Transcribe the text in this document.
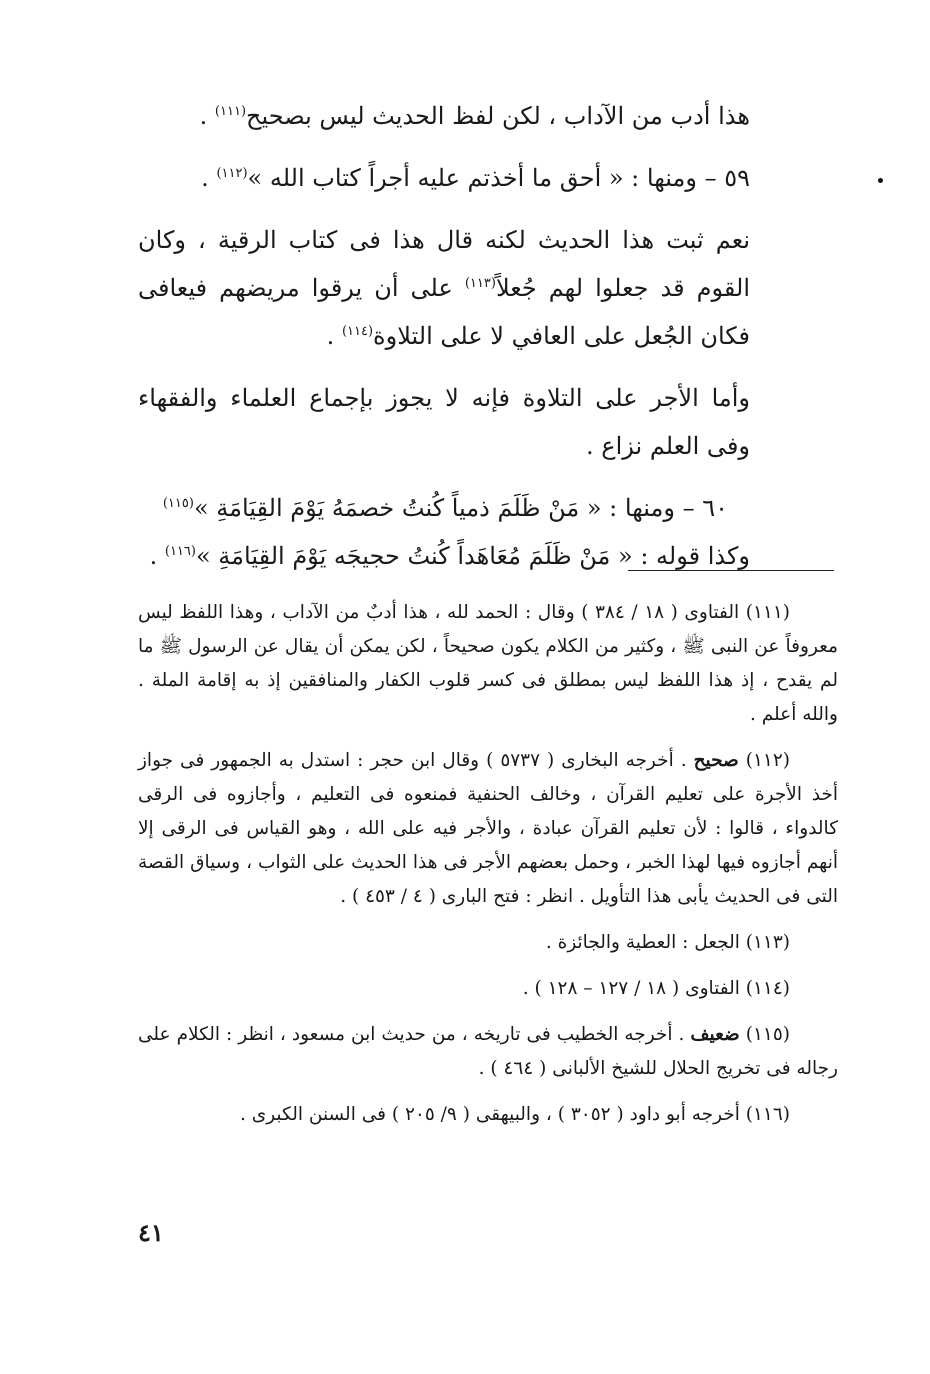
هذا أدب من الآداب ، لكن لفظ الحديث ليس بصحيح$^{(١١١)}$ .

٥٩ – ومنها : « أحق ما أخذتم عليه أجراً كتاب الله »$^{(١١٢)}$ .

نعم ثبت هذا الحديث لكنه قال هذا فى كتاب الرقية ، وكان القوم قد جعلوا لهم جُعلاً$^{(١١٣)}$ على أن يرقوا مريضهم فيعافى فكان الجُعل على العافي لا على التلاوة$^{(١١٤)}$ .

وأما الأجر على التلاوة فإنه لا يجوز بإجماع العلماء والفقهاء وفى العلم نزاع .

٦٠ – ومنها : « مَنْ ظَلَمَ ذمياً كُنتُ خصمَهُ يَوْمَ القِيَامَةِ »$^{(١١٥)}$

وكذا قوله : « مَنْ ظَلَمَ مُعَاهَداً كُنتُ حجيجَه يَوْمَ القِيَامَةِ »$^{(١١٦)}$ .

(١١١) الفتاوى ( ١٨ / ٣٨٤ ) وقال : الحمد لله ، هذا أدبٌ من الآداب ، وهذا اللفظ ليس معروفاً عن النبى ﷺ ، وكثير من الكلام يكون صحيحاً ، لكن يمكن أن يقال عن الرسول ﷺ ما لم يقدح ، إذ هذا اللفظ ليس بمطلق فى كسر قلوب الكفار والمنافقين إذ به إقامة الملة . والله أعلم .

(١١٢) صحيح . أخرجه البخارى ( ٥٧٣٧ ) وقال ابن حجر : استدل به الجمهور فى جواز أخذ الأجرة على تعليم القرآن ، وخالف الحنفية فمنعوه فى التعليم ، وأجازوه فى الرقى كالدواء ، قالوا : لأن تعليم القرآن عبادة ، والأجر فيه على الله ، وهو القياس فى الرقى إلا أنهم أجازوه فيها لهذا الخبر ، وحمل بعضهم الأجر فى هذا الحديث على الثواب ، وسياق القصة التى فى الحديث يأبى هذا التأويل . انظر : فتح البارى ( ٤ / ٤٥٣ ) .

(١١٣) الجعل : العطية والجائزة .

(١١٤) الفتاوى ( ١٨ / ١٢٧ – ١٢٨ ) .

(١١٥) ضعيف . أخرجه الخطيب فى تاريخه ، من حديث ابن مسعود ، انظر : الكلام على رجاله فى تخريج الحلال للشيخ الألبانى ( ٤٦٤ ) .

(١١٦) أخرجه أبو داود ( ٣٠٥٢ ) ، والبيهقى ( ٩/ ٢٠٥ ) فى السنن الكبرى .

٤١
